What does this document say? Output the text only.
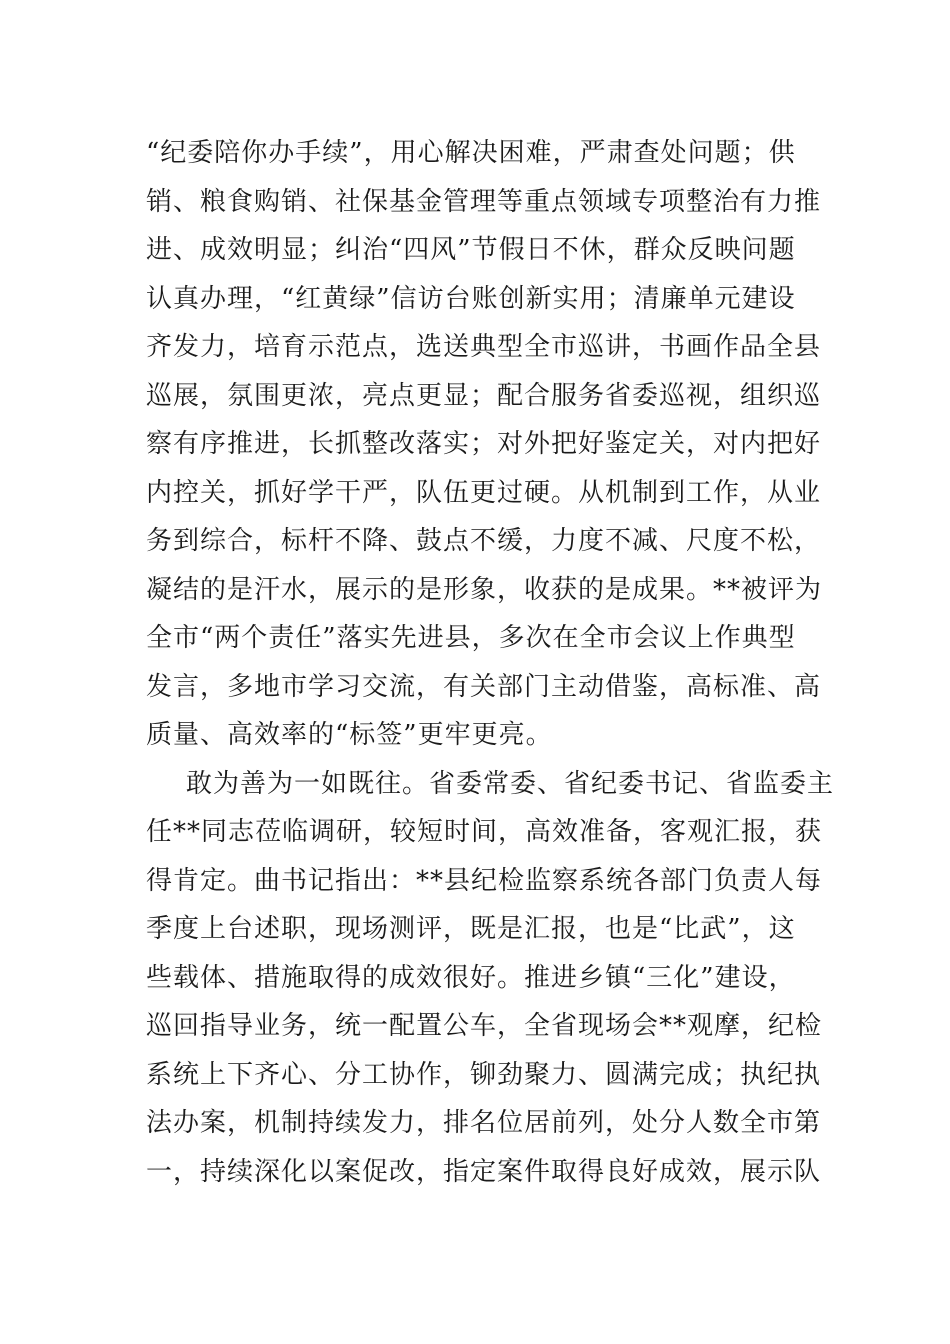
“纪委陪你办手续”，用心解决困难，严肃查处问题；供
销、粮食购销、社保基金管理等重点领域专项整治有力推
进、成效明显；纠治“四风”节假日不休，群众反映问题
认真办理，“红黄绿”信访台账创新实用；清廉单元建设
齐发力，培育示范点，选送典型全市巡讲，书画作品全县
巡展，氛围更浓，亮点更显；配合服务省委巡视，组织巡
察有序推进，长抓整改落实；对外把好鉴定关，对内把好
内控关，抓好学干严，队伍更过硬。从机制到工作，从业
务到综合，标杆不降、鼓点不缓，力度不减、尺度不松，
凝结的是汗水，展示的是形象，收获的是成果。**被评为
全市“两个责任”落实先进县，多次在全市会议上作典型
发言，多地市学习交流，有关部门主动借鉴，高标准、高
质量、高效率的“标签”更牢更亮。
敢为善为一如既往。省委常委、省纪委书记、省监委主
任**同志莅临调研，较短时间，高效准备，客观汇报，获
得肯定。曲书记指出：**县纪检监察系统各部门负责人每
季度上台述职，现场测评，既是汇报，也是“比武”，这
些载体、措施取得的成效很好。推进乡镇“三化”建设，
巡回指导业务，统一配置公车，全省现场会**观摩，纪检
系统上下齐心、分工协作，铆劲聚力、圆满完成；执纪执
法办案，机制持续发力，排名位居前列，处分人数全市第
一，持续深化以案促改，指定案件取得良好成效，展示队
